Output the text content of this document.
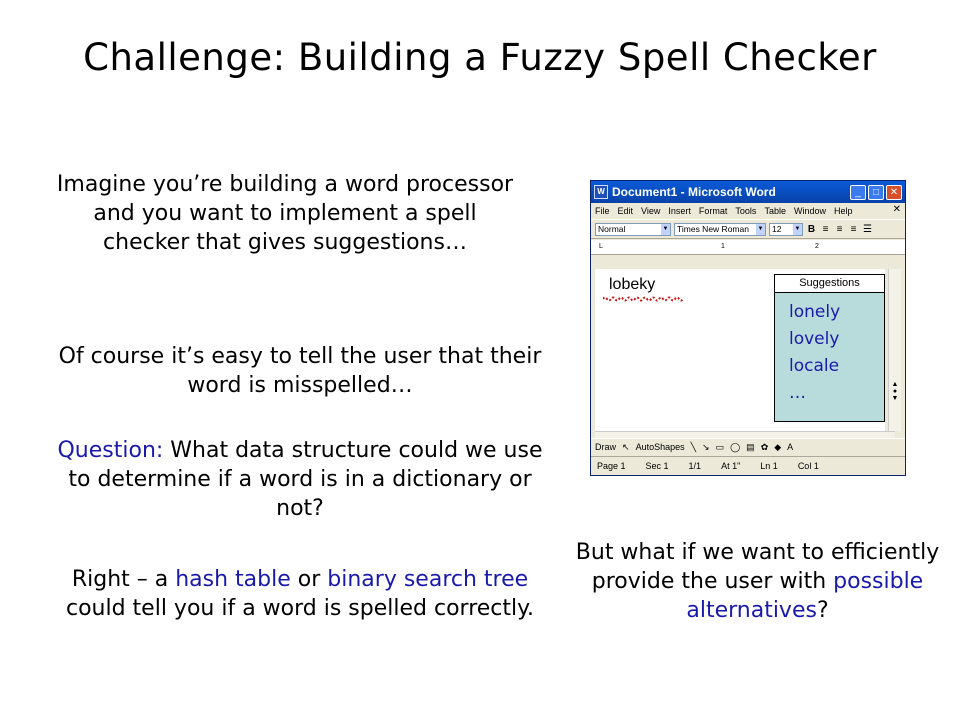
Challenge: Building a Fuzzy Spell Checker
Imagine you’re building a word processor and you want to implement a spell checker that gives suggestions…
Of course it’s easy to tell the user that their word is misspelled…
Question: What data structure could we use to determine if a word is in a dictionary or not?
Right – a hash table or binary search tree could tell you if a word is spelled correctly.
But what if we want to efficiently provide the user with possible alternatives?
W Document1 - Microsoft Word	_	□	✕
File Edit View Insert Format Tools Table Window Help	✕
Normal	▼ Times New Roman ▼ 12 ▼ B ≡ ≡ ≡ ☰
L	1	2
lobeky
▲
●
▼
Suggestions
lonely
lovely
locale
…
Draw ↖ AutoShapes ╲ ↘ ▭ ◯ ▤ ✿ ◆ A
Page 1 Sec 1 1/1 At 1" Ln 1 Col 1
